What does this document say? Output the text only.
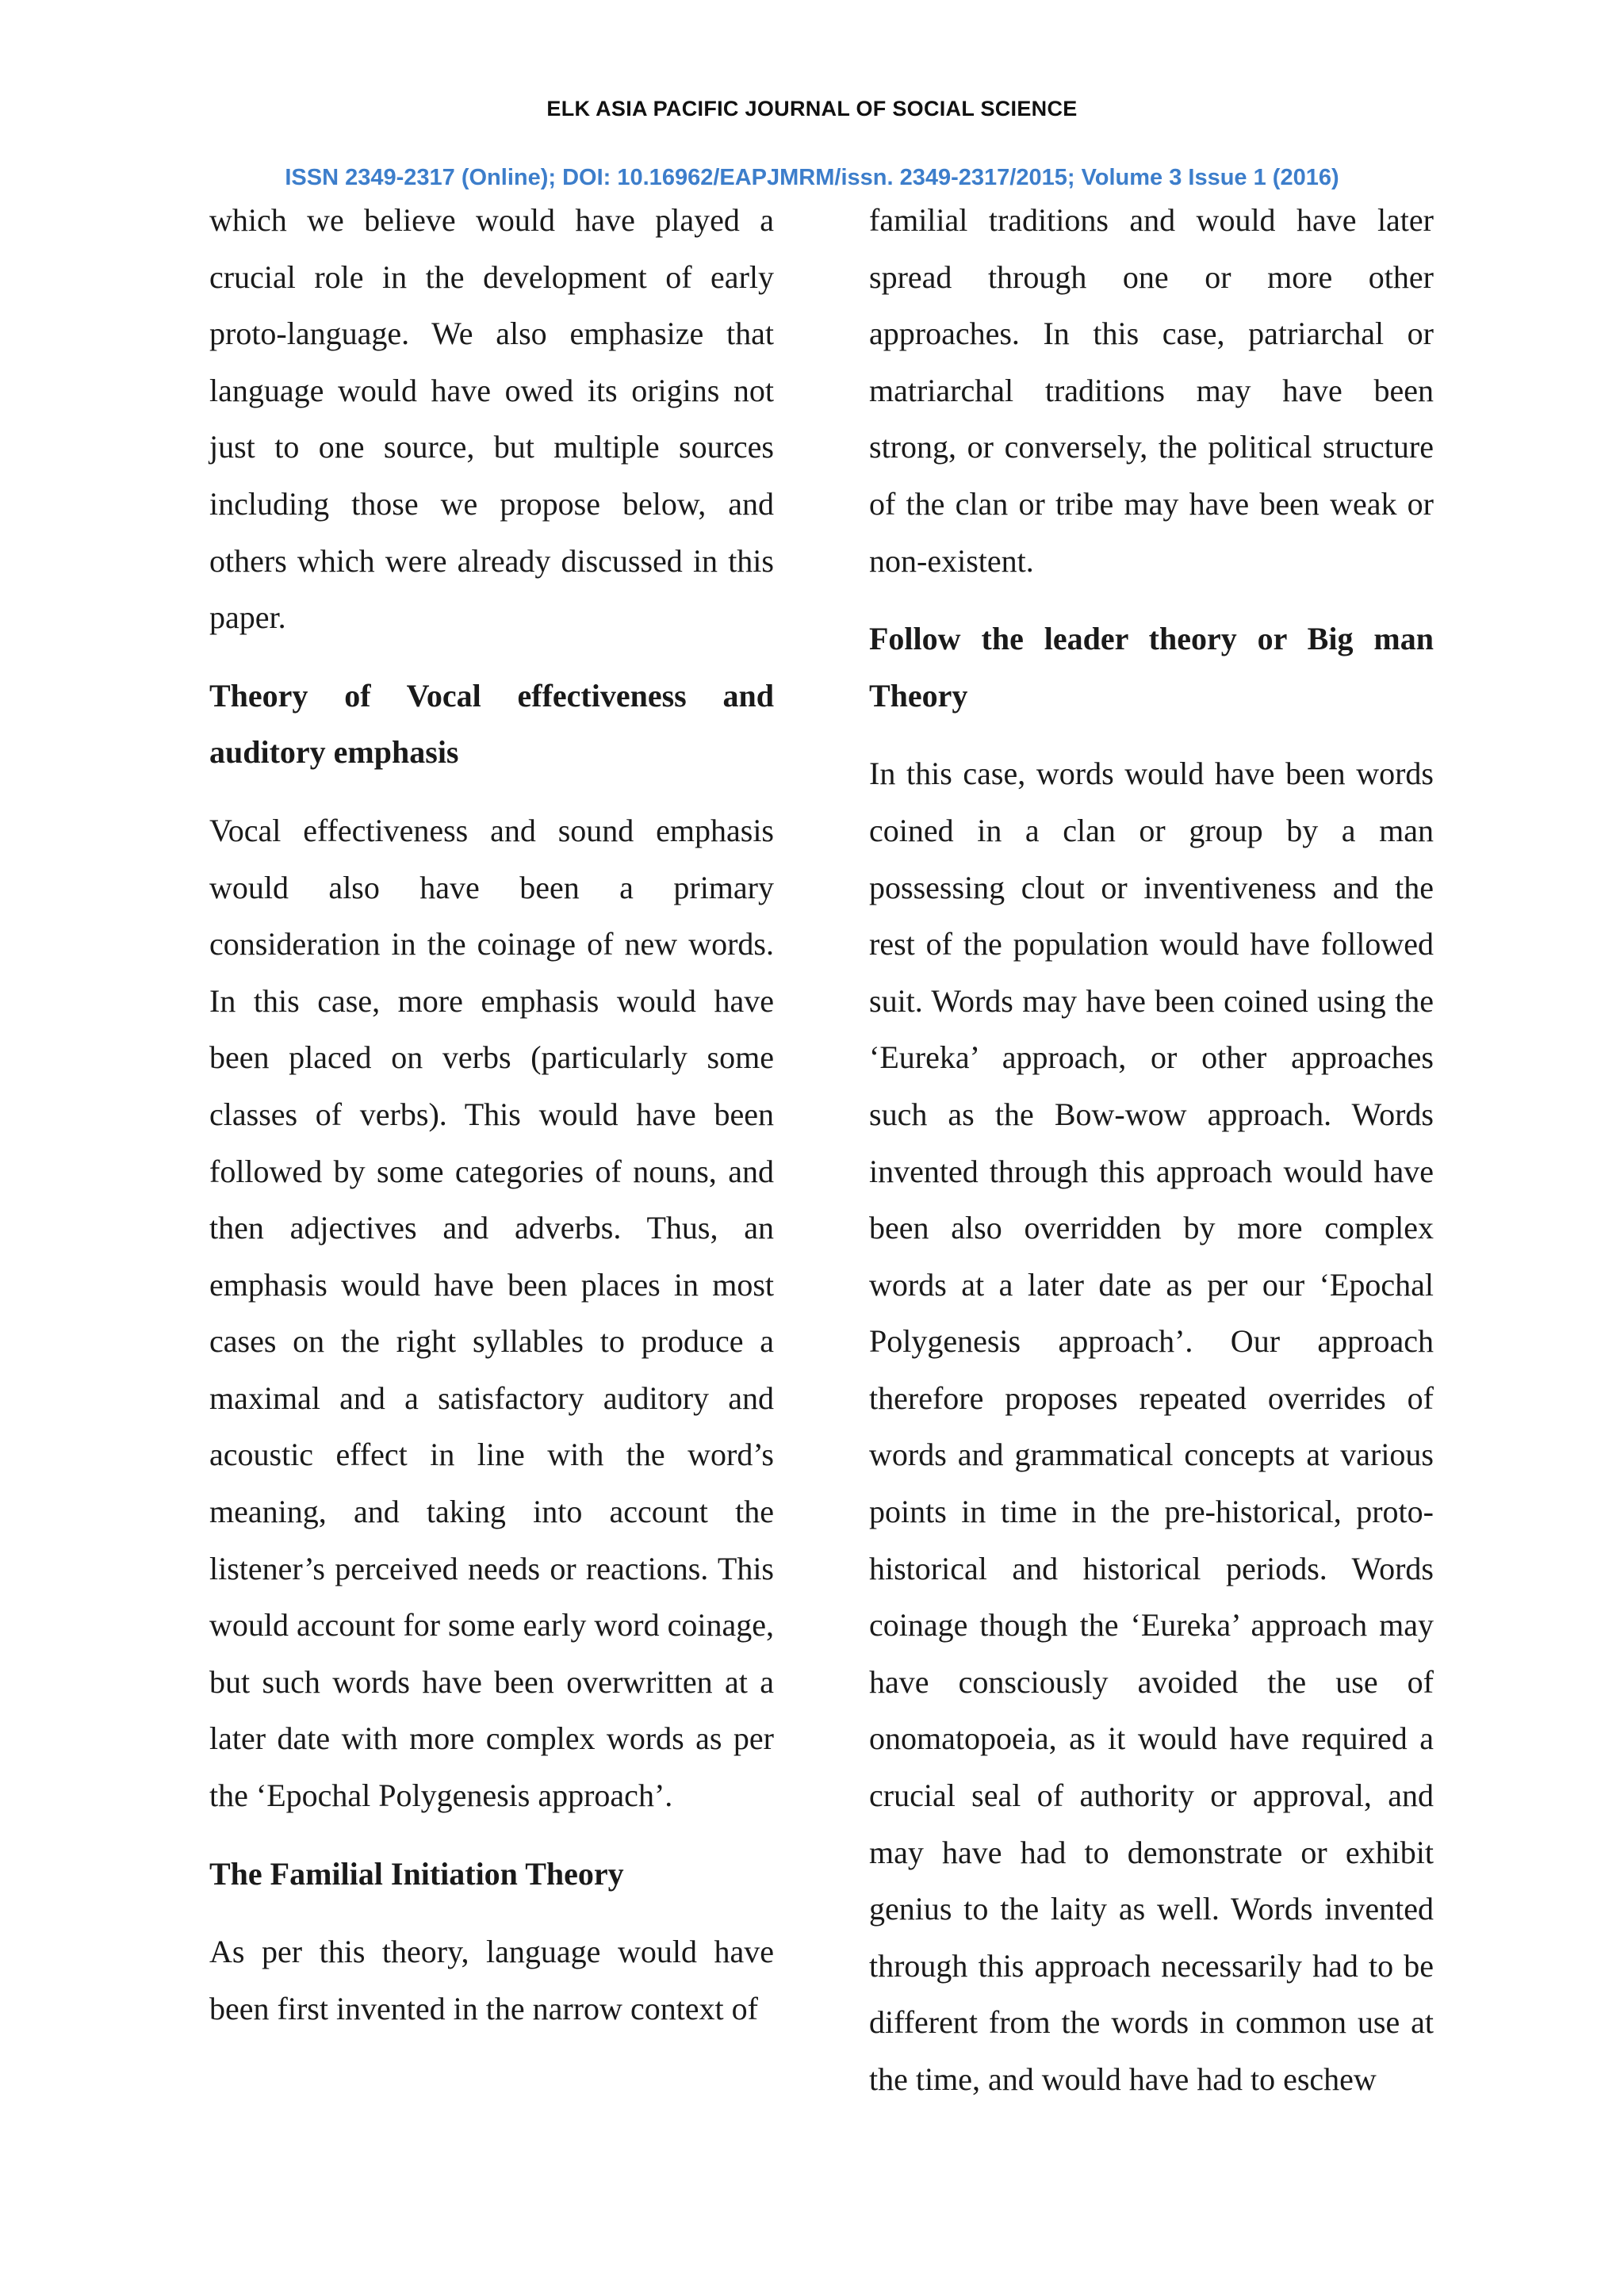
ELK ASIA PACIFIC JOURNAL OF SOCIAL SCIENCE
ISSN 2349-2317 (Online); DOI: 10.16962/EAPJMRM/issn. 2349-2317/2015; Volume 3 Issue 1 (2016)

which we believe would have played a crucial role in the development of early proto-language. We also emphasize that language would have owed its origins not just to one source, but multiple sources including those we propose below, and others which were already discussed in this paper.

Theory of Vocal effectiveness and auditory emphasis

Vocal effectiveness and sound emphasis would also have been a primary consideration in the coinage of new words. In this case, more emphasis would have been placed on verbs (particularly some classes of verbs). This would have been followed by some categories of nouns, and then adjectives and adverbs. Thus, an emphasis would have been places in most cases on the right syllables to produce a maximal and a satisfactory auditory and acoustic effect in line with the word’s meaning, and taking into account the listener’s perceived needs or reactions. This would account for some early word coinage, but such words have been overwritten at a later date with more complex words as per the ‘Epochal Polygenesis approach’.

The Familial Initiation Theory

As per this theory, language would have been first invented in the narrow context of

familial traditions and would have later spread through one or more other approaches. In this case, patriarchal or matriarchal traditions may have been strong, or conversely, the political structure of the clan or tribe may have been weak or non-existent.

Follow the leader theory or Big man Theory

In this case, words would have been words coined in a clan or group by a man possessing clout or inventiveness and the rest of the population would have followed suit. Words may have been coined using the ‘Eureka’ approach, or other approaches such as the Bow-wow approach. Words invented through this approach would have been also overridden by more complex words at a later date as per our ‘Epochal Polygenesis approach’. Our approach therefore proposes repeated overrides of words and grammatical concepts at various points in time in the pre-historical, proto-historical and historical periods. Words coinage though the ‘Eureka’ approach may have consciously avoided the use of onomatopoeia, as it would have required a crucial seal of authority or approval, and may have had to demonstrate or exhibit genius to the laity as well. Words invented through this approach necessarily had to be different from the words in common use at the time, and would have had to eschew
